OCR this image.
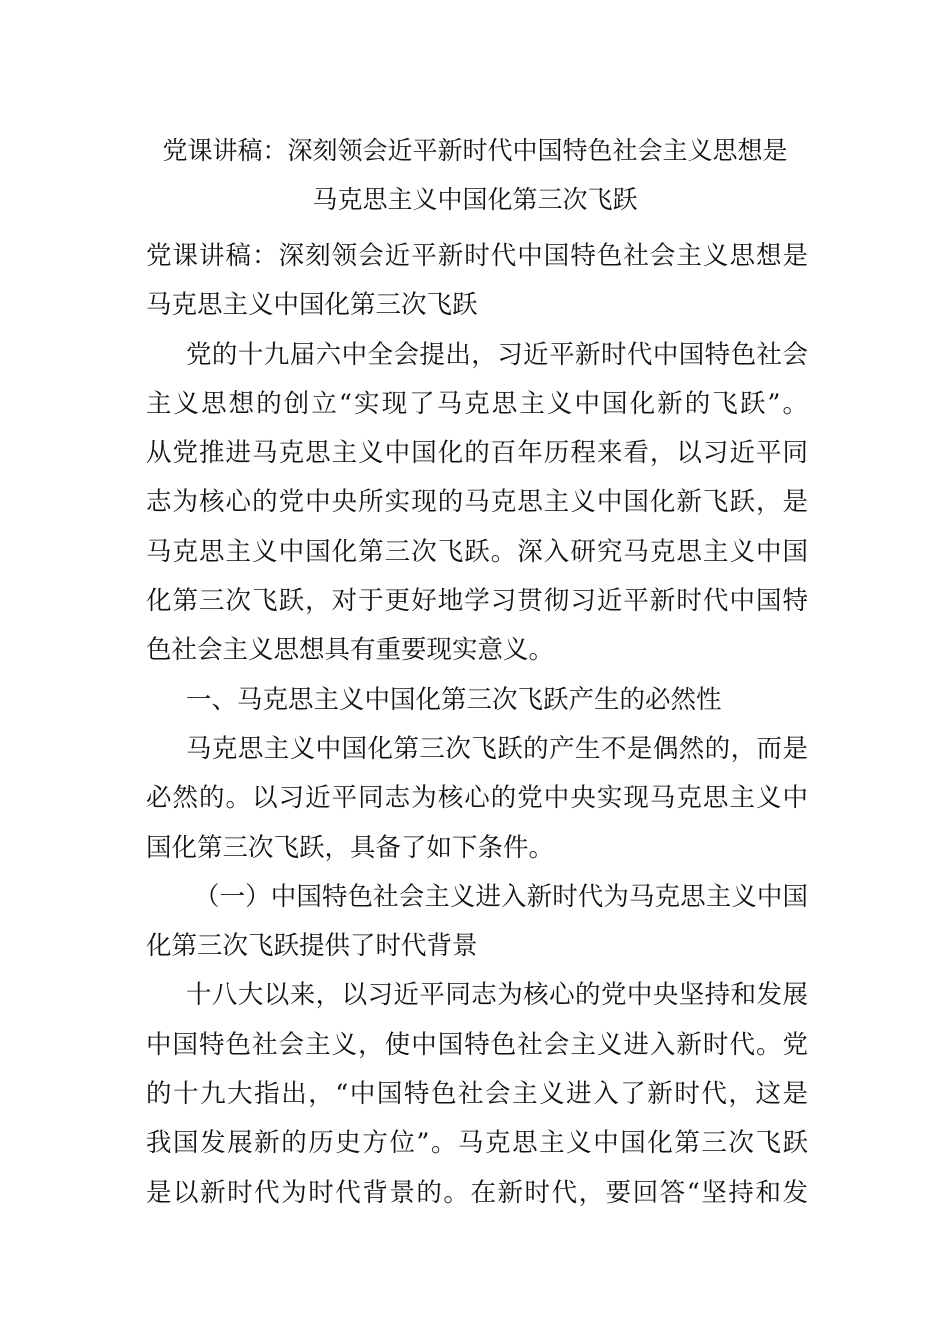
党课讲稿：深刻领会近平新时代中国特色社会主义思想是
马克思主义中国化第三次飞跃
党课讲稿：深刻领会近平新时代中国特色社会主义思想是
马克思主义中国化第三次飞跃
党的十九届六中全会提出，习近平新时代中国特色社会
主义思想的创立“实现了马克思主义中国化新的飞跃”。
从党推进马克思主义中国化的百年历程来看，以习近平同
志为核心的党中央所实现的马克思主义中国化新飞跃，是
马克思主义中国化第三次飞跃。深入研究马克思主义中国
化第三次飞跃，对于更好地学习贯彻习近平新时代中国特
色社会主义思想具有重要现实意义。
一、马克思主义中国化第三次飞跃产生的必然性
马克思主义中国化第三次飞跃的产生不是偶然的，而是
必然的。以习近平同志为核心的党中央实现马克思主义中
国化第三次飞跃，具备了如下条件。
（一）中国特色社会主义进入新时代为马克思主义中国
化第三次飞跃提供了时代背景
十八大以来，以习近平同志为核心的党中央坚持和发展
中国特色社会主义，使中国特色社会主义进入新时代。党
的十九大指出，“中国特色社会主义进入了新时代，这是
我国发展新的历史方位”。马克思主义中国化第三次飞跃
是以新时代为时代背景的。在新时代，要回答“坚持和发
